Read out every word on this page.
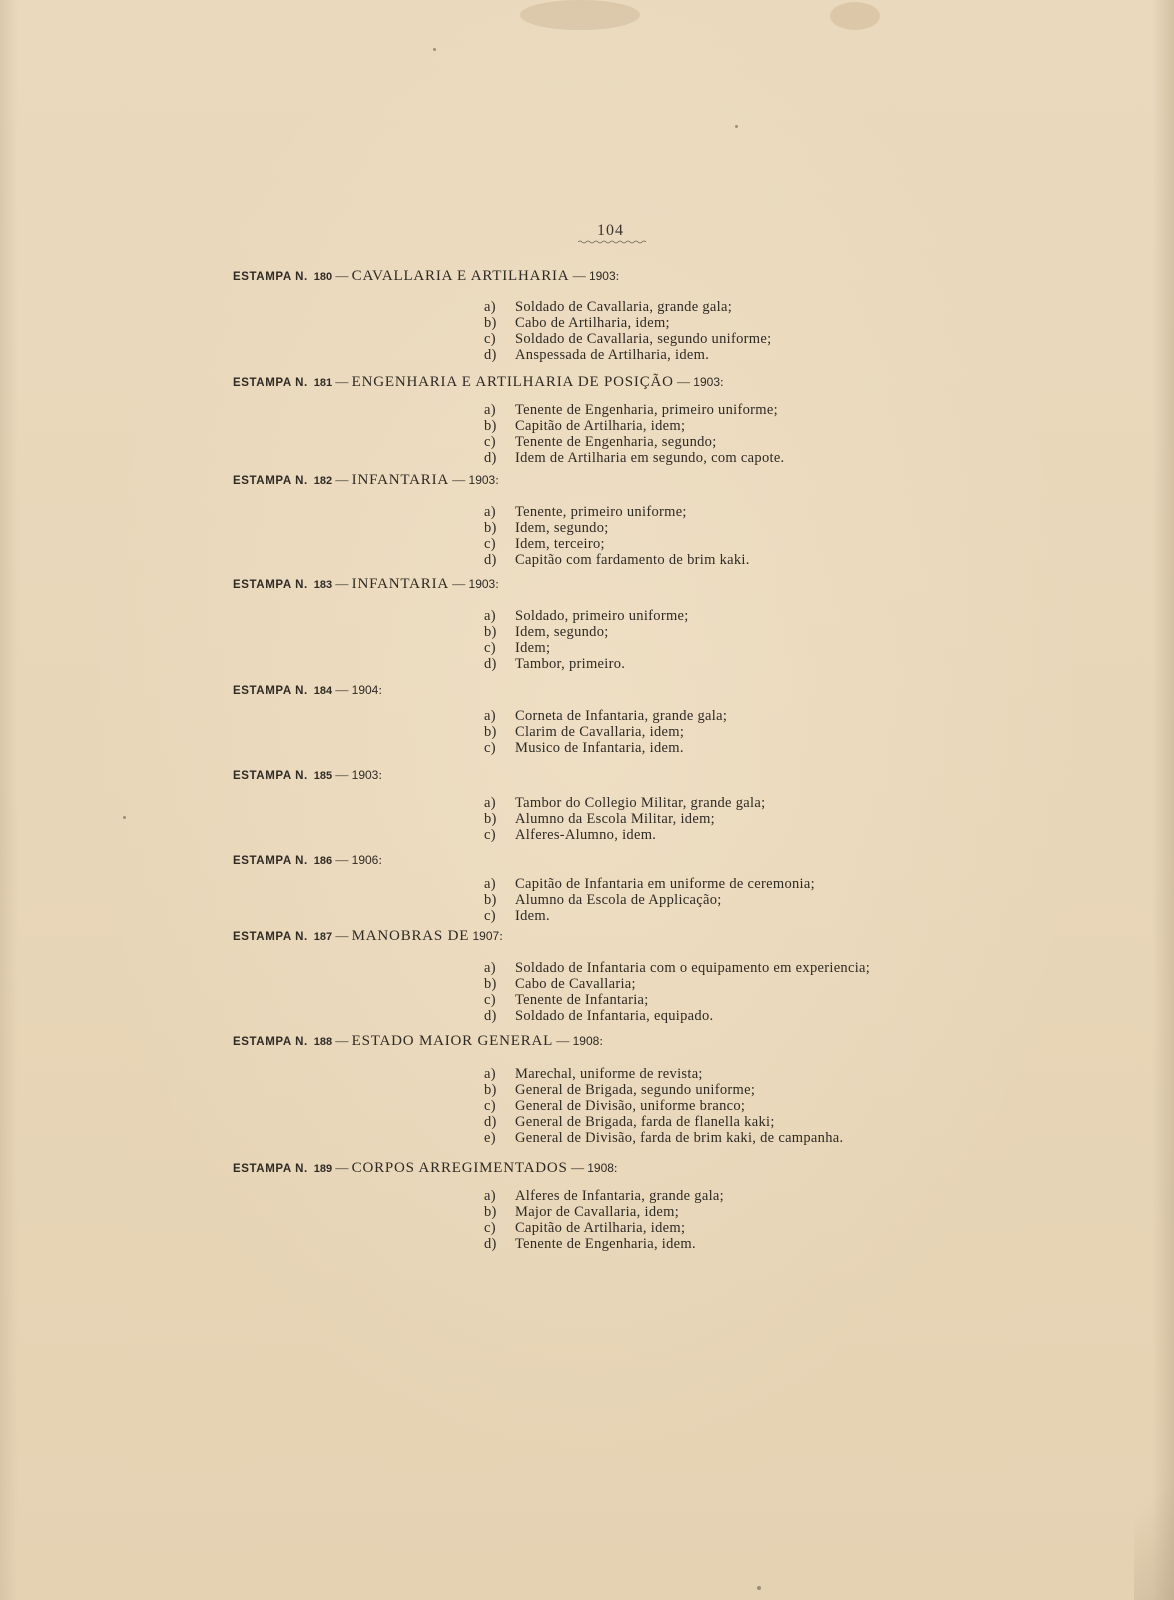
104
ESTAMPA N. 180 — CAVALLARIA E ARTILHARIA — 1903:
a) Soldado de Cavallaria, grande gala;
b) Cabo de Artilharia, idem;
c) Soldado de Cavallaria, segundo uniforme;
d) Anspessada de Artilharia, idem.
ESTAMPA N. 181 — ENGENHARIA E ARTILHARIA DE POSIÇÃO — 1903:
a) Tenente de Engenharia, primeiro uniforme;
b) Capitão de Artilharia, idem;
c) Tenente de Engenharia, segundo;
d) Idem de Artilharia em segundo, com capote.
ESTAMPA N. 182 — INFANTARIA — 1903:
a) Tenente, primeiro uniforme;
b) Idem, segundo;
c) Idem, terceiro;
d) Capitão com fardamento de brim kaki.
ESTAMPA N. 183 — INFANTARIA — 1903:
a) Soldado, primeiro uniforme;
b) Idem, segundo;
c) Idem;
d) Tambor, primeiro.
ESTAMPA N. 184 — 1904:
a) Corneta de Infantaria, grande gala;
b) Clarim de Cavallaria, idem;
c) Musico de Infantaria, idem.
ESTAMPA N. 185 — 1903:
a) Tambor do Collegio Militar, grande gala;
b) Alumno da Escola Militar, idem;
c) Alferes-Alumno, idem.
ESTAMPA N. 186 — 1906:
a) Capitão de Infantaria em uniforme de ceremonia;
b) Alumno da Escola de Applicação;
c) Idem.
ESTAMPA N. 187 — MANOBRAS DE 1907:
a) Soldado de Infantaria com o equipamento em experiencia;
b) Cabo de Cavallaria;
c) Tenente de Infantaria;
d) Soldado de Infantaria, equipado.
ESTAMPA N. 188 — ESTADO MAIOR GENERAL — 1908:
a) Marechal, uniforme de revista;
b) General de Brigada, segundo uniforme;
c) General de Divisão, uniforme branco;
d) General de Brigada, farda de flanella kaki;
e) General de Divisão, farda de brim kaki, de campanha.
ESTAMPA N. 189 — CORPOS ARREGIMENTADOS — 1908:
a) Alferes de Infantaria, grande gala;
b) Major de Cavallaria, idem;
c) Capitão de Artilharia, idem;
d) Tenente de Engenharia, idem.
